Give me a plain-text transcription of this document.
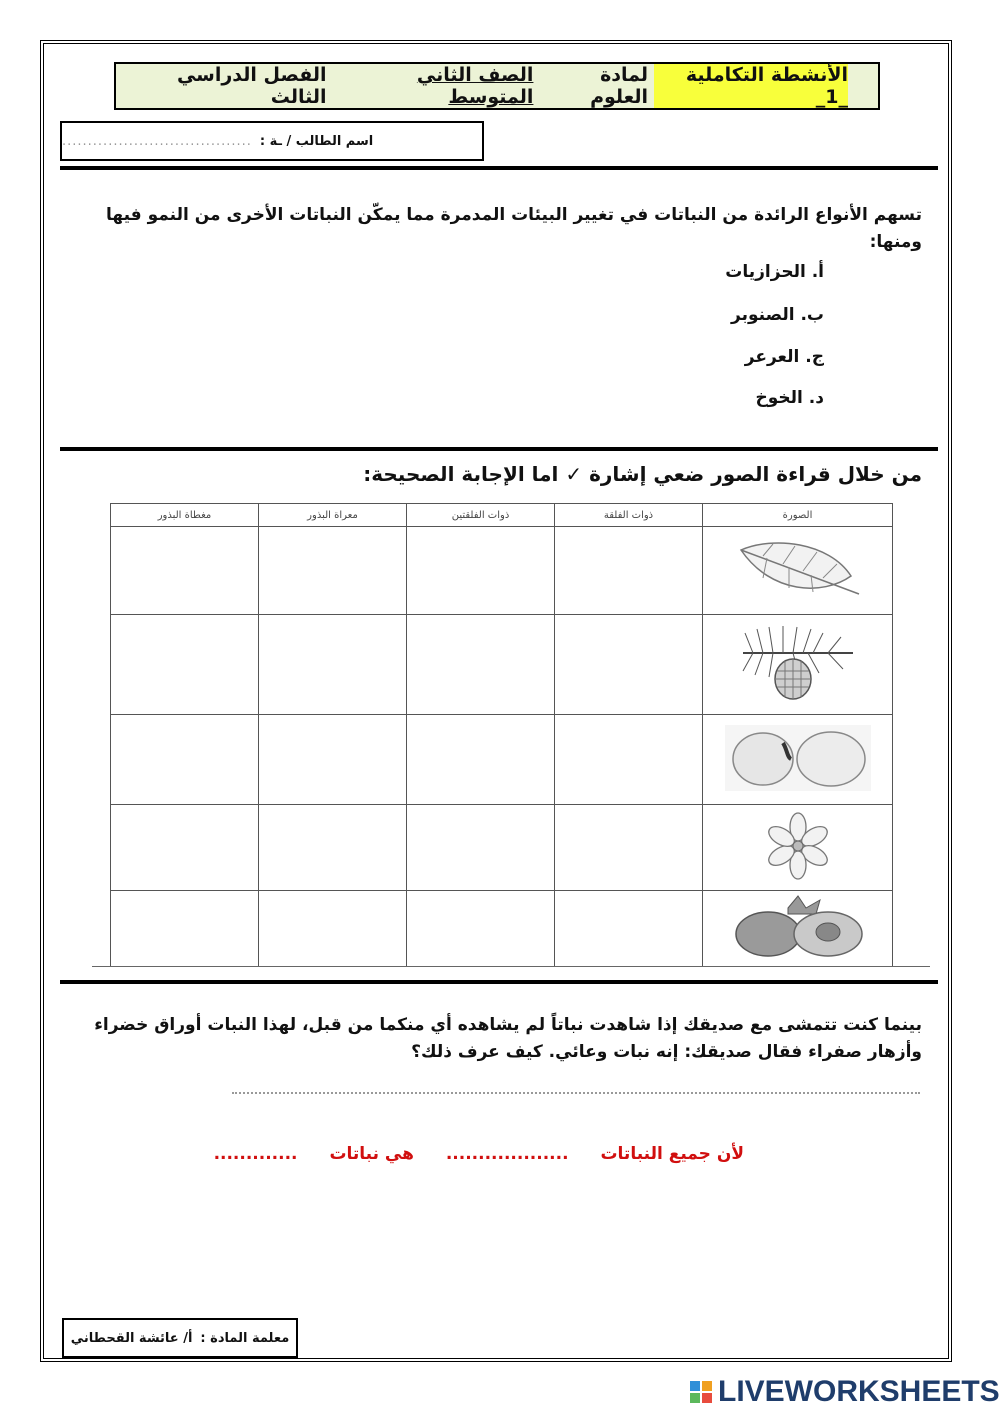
الأنشطة التكاملية _1_
لمادة العلوم
الصف الثاني المتوسط
الفصل الدراسي الثالث
اسم الطالب / ـة :
.....................................
تسهم الأنواع الرائدة من النباتات في تغيير البيئات المدمرة مما يمكّن النباتات الأخرى من النمو فيها ومنها:
أ. الحزازيات
ب. الصنوبر
ج. العرعر
د. الخوخ
من خلال قراءة الصور ضعي إشارة ✓ اما الإجابة الصحيحة:
الصورة	ذوات الفلقة	ذوات الفلقتين	معراة البذور	مغطاة البذور

بينما كنت تتمشى مع صديقك إذا شاهدت نباتاً لم يشاهده أي منكما من قبل، لهذا النبات أوراق خضراء وأزهار صفراء فقال صديقك: إنه نبات وعائي. كيف عرف ذلك؟
لأن جميع النباتات ................... هي نباتات .............
معلمة المادة :
أ/ عائشة القحطاني
LIVEWORKSHEETS
